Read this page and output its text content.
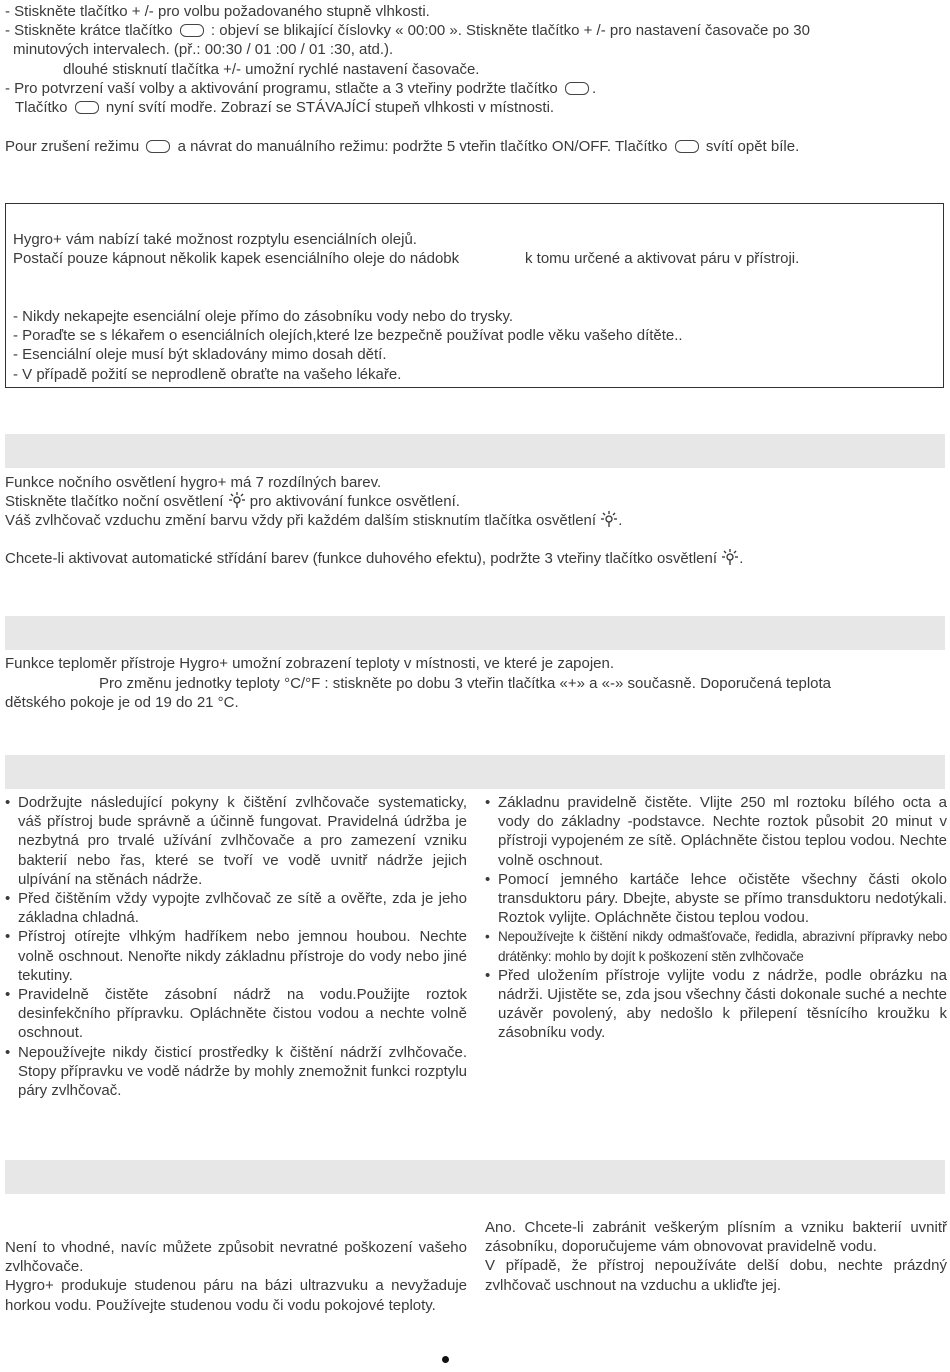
- Stiskněte tlačítko + /- pro volbu požadovaného stupně vlhkosti.
- Stiskněte krátce tlačítko	: objeví se blikající číslovky « 00:00 ». Stiskněte tlačítko + /- pro nastavení časovače po 30
minutových intervalech. (př.: 00:30 / 01 :00 / 01 :30, atd.).
dlouhé stisknutí tlačítka +/- umožní rychlé nastavení časovače.
- Pro potvrzení vaší volby a aktivování programu, stlačte a 3 vteřiny podržte tlačítko .
Tlačítko	nyní svítí modře. Zobrazí se STÁVAJÍCÍ stupeň vlhkosti v místnosti.
Pour zrušení režimu	a návrat do manuálního režimu: podržte 5 vteřin tlačítko ON/OFF. Tlačítko	svítí opět bíle.
Hygro+ vám nabízí také možnost rozptylu esenciálních olejů.
Postačí pouze kápnout několik kapek esenciálního oleje do nádobk	k tomu určené a aktivovat páru v přístroji.
- Nikdy nekapejte esenciální oleje přímo do zásobníku vody nebo do trysky.
- Poraďte se s lékařem o esenciálních olejích,které lze bezpečně používat podle věku vašeho dítěte..
- Esenciální oleje musí být skladovány mimo dosah dětí.
- V případě požití se neprodleně obraťte na vašeho lékaře.
Funkce nočního osvětlení hygro+ má 7 rozdílných barev.
Stiskněte tlačítko noční osvětlení pro aktivování funkce osvětlení.
Váš zvlhčovač vzduchu změní barvu vždy při každém dalším stisknutím tlačítka osvětlení .
Chcete-li aktivovat automatické střídání barev (funkce duhového efektu), podržte 3 vteřiny tlačítko osvětlení .
Funkce teploměr přístroje Hygro+ umožní zobrazení teploty v místnosti, ve které je zapojen.
Pro změnu jednotky teploty °C/°F : stiskněte po dobu 3 vteřin tlačítka «+» a «-» současně. Doporučená teplota
dětského pokoje je od 19 do 21 °C.

• Dodržujte následující pokyny k čištění zvlhčovače systematicky, váš přístroj bude správně a účinně fungovat. Pravidelná údržba je nezbytná pro trvalé užívání zvlhčovače a pro zamezení vzniku bakterií nebo řas, které se tvoří ve vodě uvnitř nádrže jejich ulpívání na stěnách nádrže.

• Před čištěním vždy vypojte zvlhčovač ze sítě a ověřte, zda je jeho základna chladná.

• Přístroj otírejte vlhkým hadříkem nebo jemnou houbou. Nechte volně oschnout. Nenořte nikdy základnu přístroje do vody nebo jiné tekutiny.

• Pravidelně čistěte zásobní nádrž na vodu.Použijte roztok desinfekčního přípravku. Opláchněte čistou vodou a nechte volně oschnout.

• Nepoužívejte nikdy čisticí prostředky k čištění nádrží zvlhčovače. Stopy přípravku ve vodě nádrže by mohly znemožnit funkci rozptylu páry zvlhčovač.

• Základnu pravidelně čistěte. Vlijte 250 ml roztoku bílého octa a vody do základny -podstavce. Nechte roztok působit 20 minut v přístroji vypojeném ze sítě. Opláchněte čistou teplou vodou. Nechte volně oschnout.

• Pomocí jemného kartáče lehce očistěte všechny části okolo transduktoru páry. Dbejte, abyste se přímo transduktoru nedotýkali. Roztok vylijte. Opláchněte čistou teplou vodou.

• Nepoužívejte k čištění nikdy odmašťovače, ředidla, abrazivní přípravky nebo drátěnky: mohlo by dojít k poškození stěn zvlhčovače

• Před uložením přístroje vylijte vodu z nádrže, podle obrázku na nádrži. Ujistěte se, zda jsou všechny části dokonale suché a nechte uzávěr povolený, aby nedošlo k přilepení těsnícího kroužku k zásobníku vody.

Není to vhodné, navíc můžete způsobit nevratné poškození vašeho zvlhčovače.

Hygro+ produkuje studenou páru na bázi ultrazvuku a nevyžaduje horkou vodu. Používejte studenou vodu či vodu pokojové teploty.

Ano. Chcete-li zabránit veškerým plísním a vzniku bakterií uvnitř zásobníku, doporučujeme vám obnovovat pravidelně vodu.

V případě, že přístroj nepoužíváte delší dobu, nechte prázdný zvlhčovač uschnout na vzduchu a ukliďte jej.
